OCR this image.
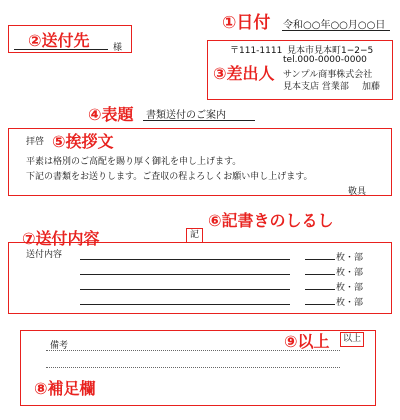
①日付 令和○○年○○月○○日
②送付先	様	〒111-1111 見本市見本町1−2−5
③差出人
tel.000-0000-0000
サンプル商事株式会社
見本支店 営業部 加藤
④表題 書類送付のご案内
拝啓 ⑤挨拶文
平素は格別のご高配を賜り厚く御礼を申し上げます。
下記の書類をお送りします。ご査収の程よろしくお願い申し上げます。
敬具
⑥記書きのしるし
記
⑦送付内容
送付内容	枚・部
枚・部
枚・部
枚・部
備考	⑨以上	以上
⑧補足欄
